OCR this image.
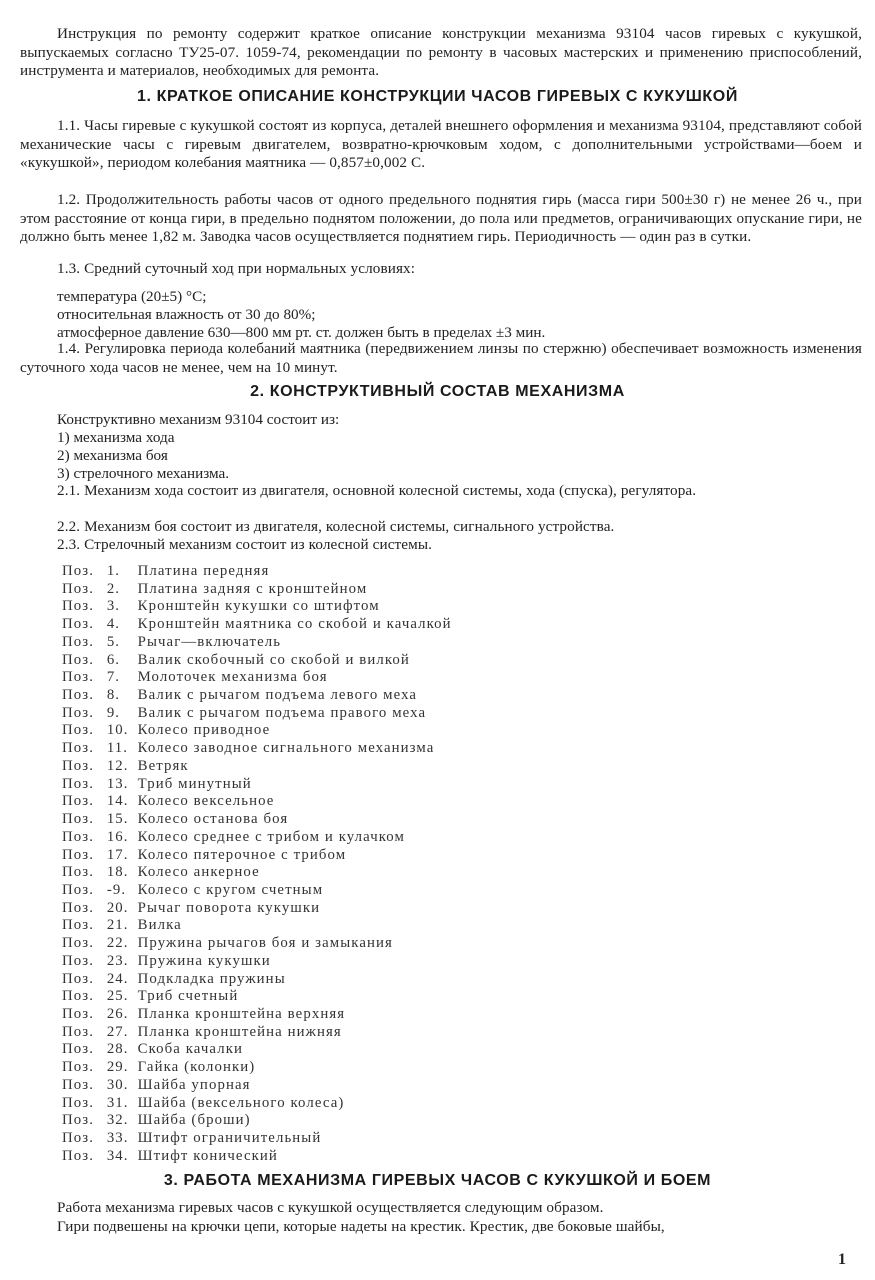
Инструкция по ремонту содержит краткое описание конструкции механизма 93104 часов гиревых с кукушкой, выпускаемых согласно ТУ25-07. 1059-74, рекомендации по ремонту в часовых мастерских и применению приспособлений, инструмента и материалов, необходимых для ремонта.
1. КРАТКОЕ ОПИСАНИЕ КОНСТРУКЦИИ ЧАСОВ ГИРЕВЫХ С КУКУШКОЙ
1.1. Часы гиревые с кукушкой состоят из корпуса, деталей внешнего оформления и механизма 93104, представляют собой механические часы с гиревым двигателем, возвратно-крючковым ходом, с дополнительными устройствами—боем и «кукушкой», периодом колебания маятника — 0,857±0,002 С.
1.2. Продолжительность работы часов от одного предельного поднятия гирь (масса гири 500±30 г) не менее 26 ч., при этом расстояние от конца гири, в предельно поднятом положении, до пола или предметов, ограничивающих опускание гири, не должно быть менее 1,82 м. Заводка часов осуществляется поднятием гирь. Периодичность — один раз в сутки.
1.3. Средний суточный ход при нормальных условиях:
температура (20±5) °С;
относительная влажность от 30 до 80%;
атмосферное давление 630—800 мм рт. ст. должен быть в пределах ±3 мин.
1.4. Регулировка периода колебаний маятника (передвижением линзы по стержню) обеспечивает возможность изменения суточного хода часов не менее, чем на 10 минут.
2. КОНСТРУКТИВНЫЙ СОСТАВ МЕХАНИЗМА
Конструктивно механизм 93104 состоит из:
1) механизма хода
2) механизма боя
3) стрелочного механизма.
2.1. Механизм хода состоит из двигателя, основной колесной системы, хода (спуска), регулятора.
2.2. Механизм боя состоит из двигателя, колесной системы, сигнального устройства.
2.3. Стрелочный механизм состоит из колесной системы.
Поз. 1. Платина передняя
Поз. 2. Платина задняя с кронштейном
Поз. 3. Кронштейн кукушки со штифтом
Поз. 4. Кронштейн маятника со скобой и качалкой
Поз. 5. Рычаг—включатель
Поз. 6. Валик скобочный со скобой и вилкой
Поз. 7. Молоточек механизма боя
Поз. 8. Валик с рычагом подъема левого меха
Поз. 9. Валик с рычагом подъема правого меха
Поз. 10. Колесо приводное
Поз. 11. Колесо заводное сигнального механизма
Поз. 12. Ветряк
Поз. 13. Триб минутный
Поз. 14. Колесо вексельное
Поз. 15. Колесо останова боя
Поз. 16. Колесо среднее с трибом и кулачком
Поз. 17. Колесо пятерочное с трибом
Поз. 18. Колесо анкерное
Поз. -9. Колесо с кругом счетным
Поз. 20. Рычаг поворота кукушки
Поз. 21. Вилка
Поз. 22. Пружина рычагов боя и замыкания
Поз. 23. Пружина кукушки
Поз. 24. Подкладка пружины
Поз. 25. Триб счетный
Поз. 26. Планка кронштейна верхняя
Поз. 27. Планка кронштейна нижняя
Поз. 28. Скоба качалки
Поз. 29. Гайка (колонки)
Поз. 30. Шайба упорная
Поз. 31. Шайба (вексельного колеса)
Поз. 32. Шайба (броши)
Поз. 33. Штифт ограничительный
Поз. 34. Штифт конический
3. РАБОТА МЕХАНИЗМА ГИРЕВЫХ ЧАСОВ С КУКУШКОЙ И БОЕМ
Работа механизма гиревых часов с кукушкой осуществляется следующим образом.
Гири подвешены на крючки цепи, которые надеты на крестик. Крестик, две боковые шайбы,
1
